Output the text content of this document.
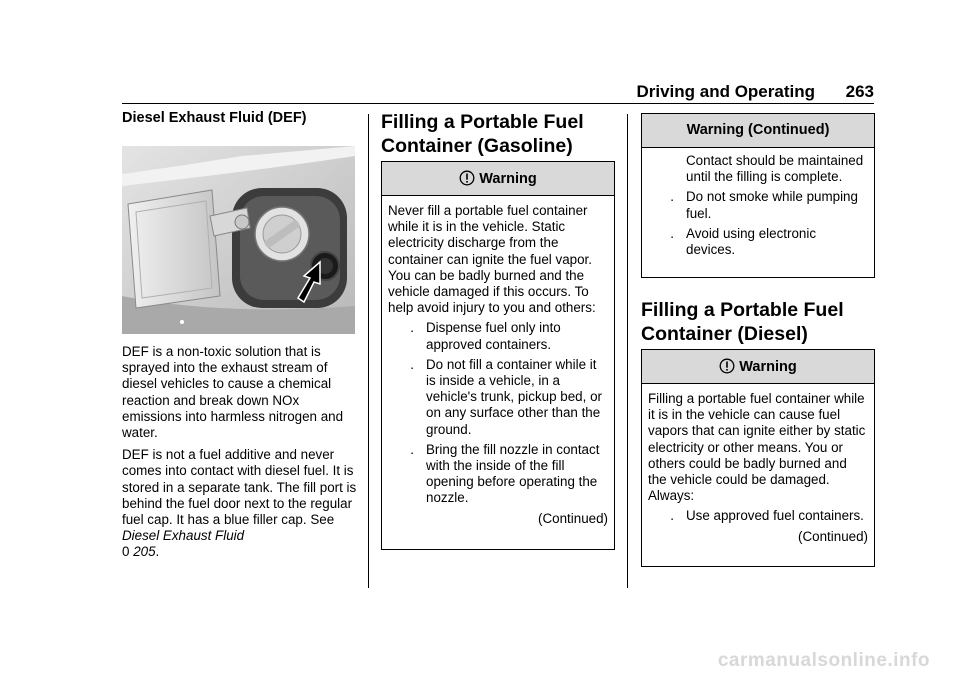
Driving and Operating	263
Diesel Exhaust Fluid (DEF)

DEF is a non-toxic solution that is sprayed into the exhaust stream of diesel vehicles to cause a chemical reaction and break down NOx emissions into harmless nitrogen and water.

DEF is not a fuel additive and never comes into contact with diesel fuel. It is stored in a separate tank. The fill port is behind the fuel door next to the regular fuel cap. It has a blue filler cap. See Diesel Exhaust Fluid
0 205.

Filling a Portable Fuel Container (Gasoline)
Warning

Never fill a portable fuel container while it is in the vehicle. Static electricity discharge from the container can ignite the fuel vapor. You can be badly burned and the vehicle damaged if this occurs. To help avoid injury to you and others:

. Dispense fuel only into approved containers.
. Do not fill a container while it is inside a vehicle, in a vehicle's trunk, pickup bed, or on any surface other than the ground.
. Bring the fill nozzle in contact with the inside of the fill opening before operating the nozzle.
(Continued)
Warning (Continued)
Contact should be maintained until the filling is complete.
. Do not smoke while pumping fuel.
. Avoid using electronic devices.
Filling a Portable Fuel Container (Diesel)
Warning

Filling a portable fuel container while it is in the vehicle can cause fuel vapors that can ignite either by static electricity or other means. You or others could be badly burned and the vehicle could be damaged. Always:

. Use approved fuel containers.
(Continued)
carmanualsonline.info
